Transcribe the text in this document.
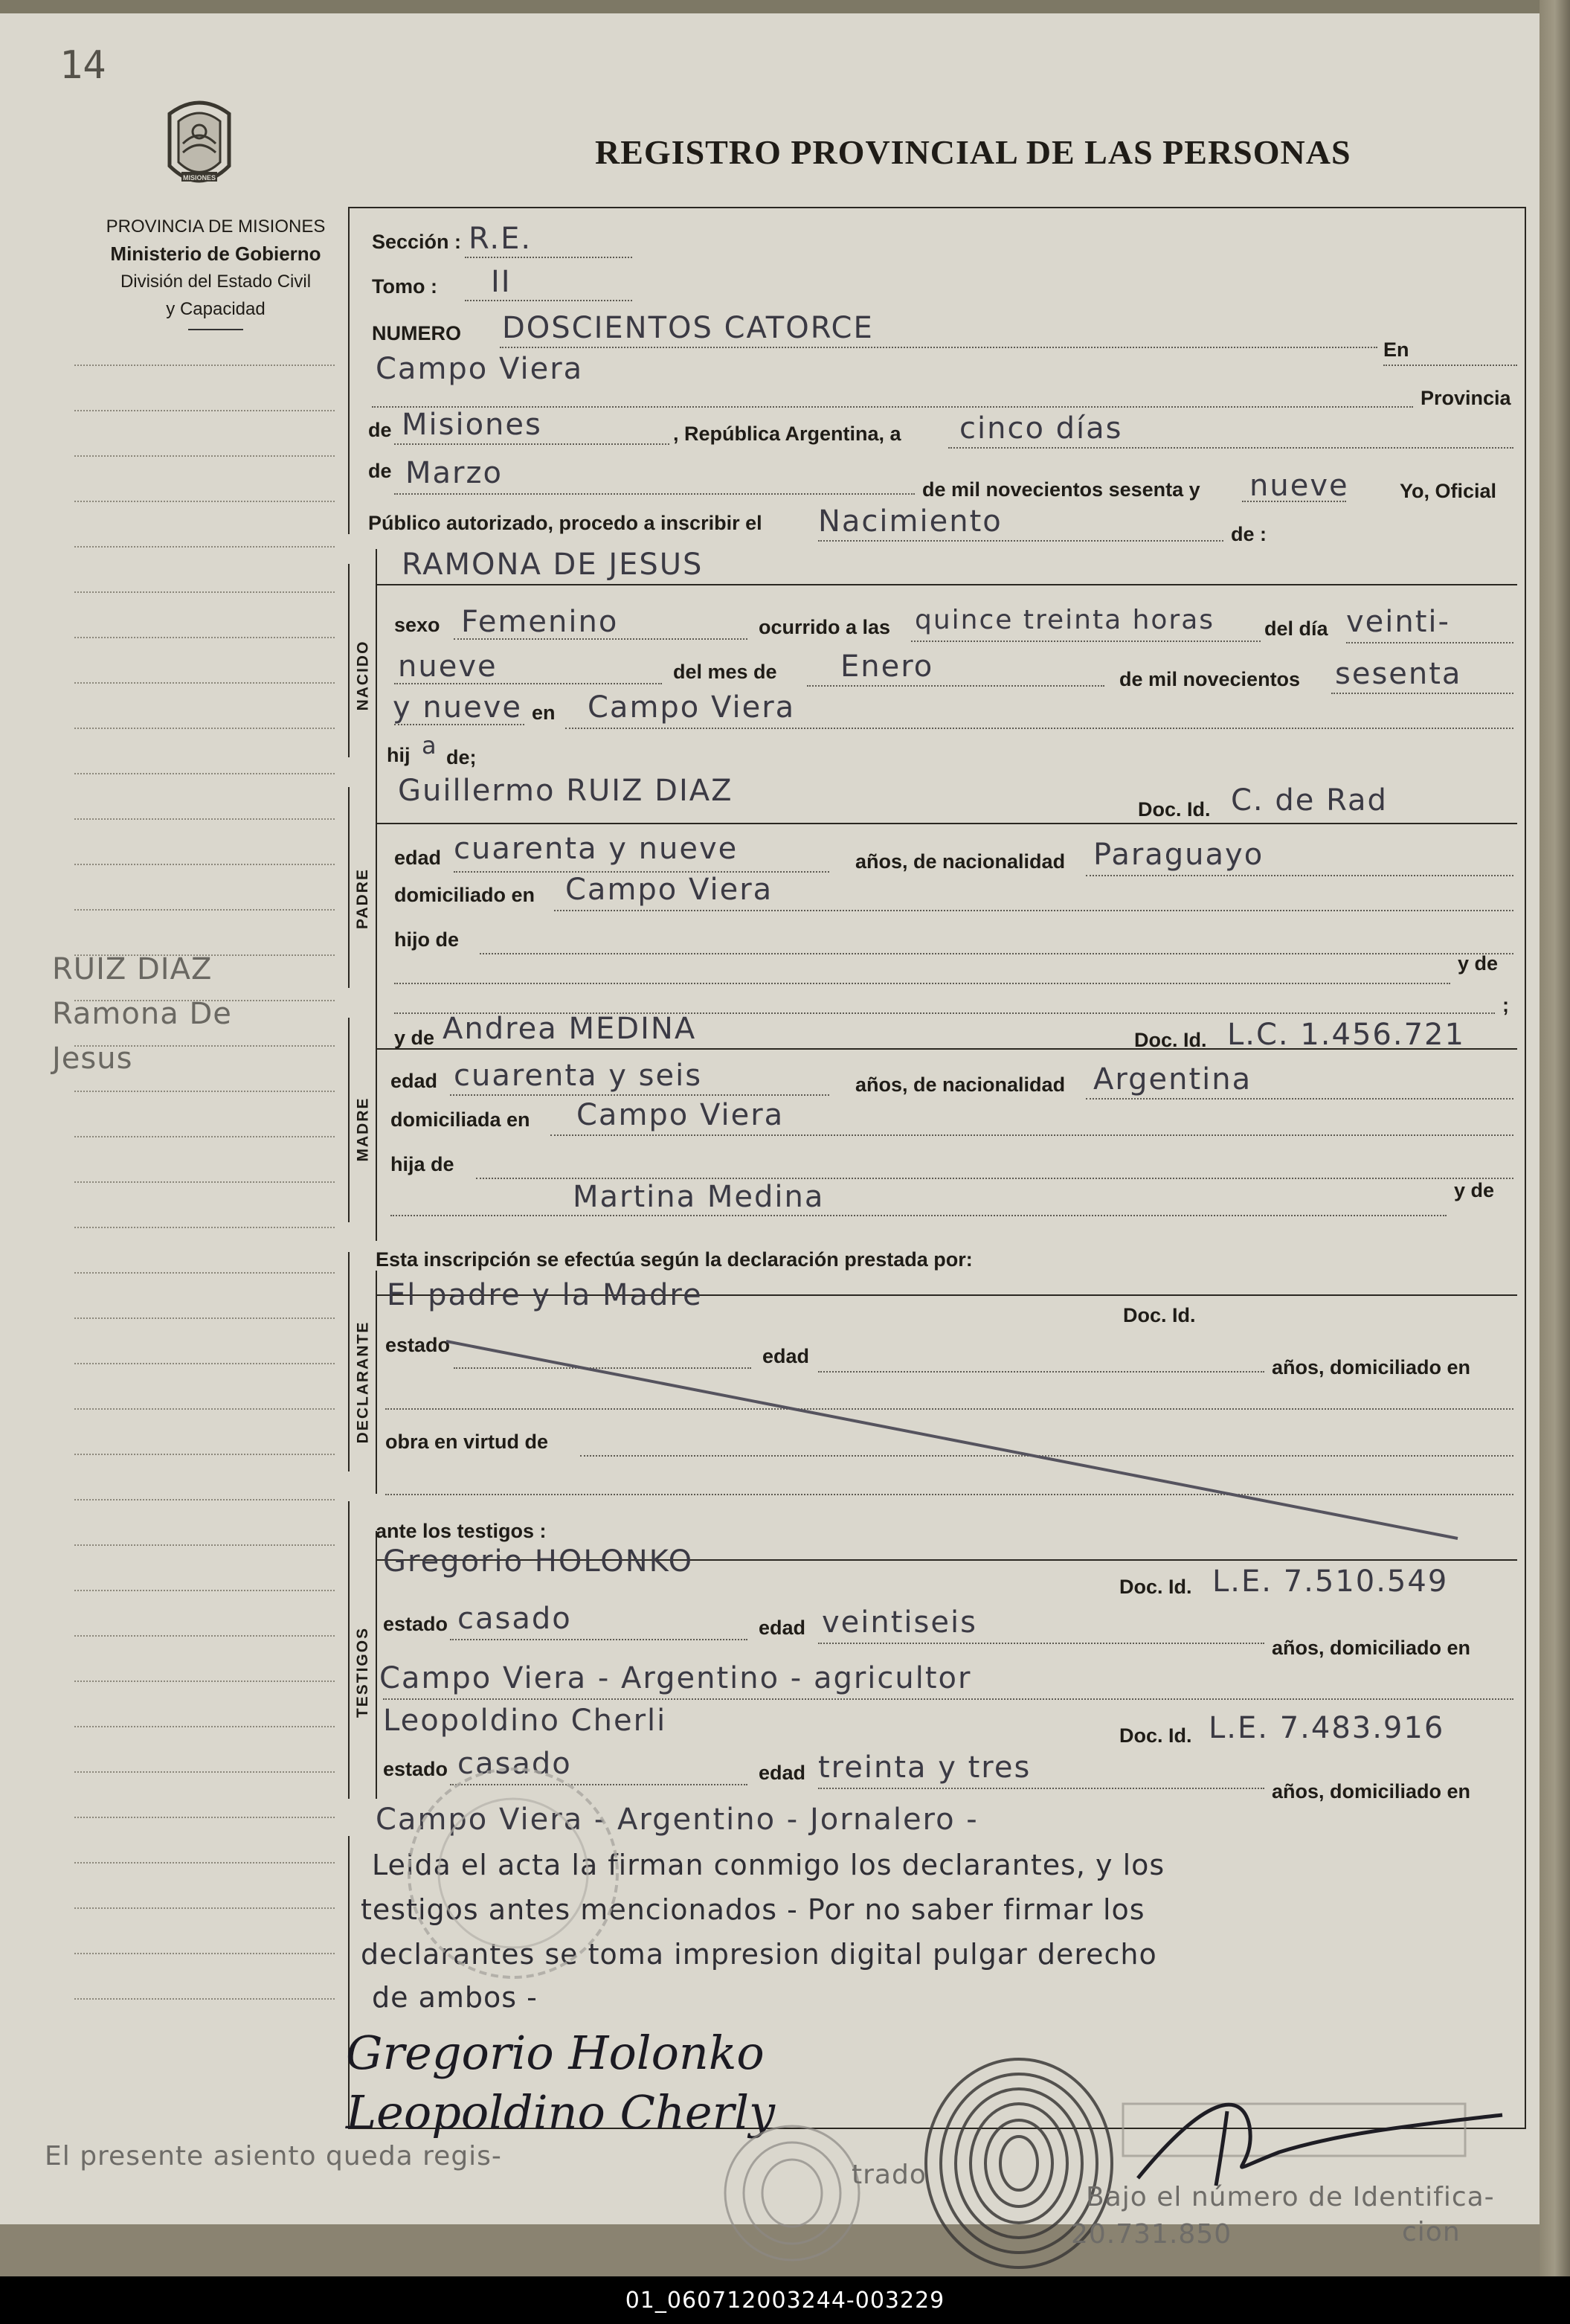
14
MISIONES
REGISTRO PROVINCIAL DE LAS PERSONAS
PROVINCIA DE MISIONES
Ministerio de Gobierno
División del Estado Civil
y Capacidad
RUIZ DIAZ
Ramona De
Jesus
NACIDO
PADRE
MADRE
DECLARANTE
TESTIGOS
Sección : R.E.
Tomo : II
NUMERO DOSCIENTOS CATORCE
En
Campo Viera
Provincia
de Misiones	, República Argentina, a cinco días
de Marzo	de mil novecientos sesenta y nueve	Yo, Oficial
Público autorizado, procedo a inscribir el Nacimiento	de :
RAMONA DE JESUS
sexo Femenino	ocurrido a las quince treinta horas del día veinti-
nueve	del mes de Enero	de mil novecientos sesenta
y nueve en Campo Viera
hij a de;
Guillermo RUIZ DIAZ
Doc. Id. C. de Rad
edad cuarenta y nueve	años, de nacionalidad Paraguayo
domiciliado en Campo Viera
hijo de
y de
;
y de Andrea MEDINA	Doc. Id. L.C. 1.456.721
edad cuarenta y seis	años, de nacionalidad Argentina
domiciliada en Campo Viera
hija de
Martina Medina	y de
Esta inscripción se efectúa según la declaración prestada por:
El padre y la Madre
Doc. Id.
estado	edad	años, domiciliado en
obra en virtud de
ante los testigos :
Gregorio HOLONKO
Doc. Id. L.E. 7.510.549
estado casado	edad veintiseis
años, domiciliado en
Campo Viera - Argentino - agricultor
Leopoldino Cherli	Doc. Id. L.E. 7.483.916
estado casado	edad treinta y tres
años, domiciliado en
Campo Viera - Argentino - Jornalero -
Leida el acta la firman conmigo los declarantes, y los
testigos antes mencionados - Por no saber firmar los
declarantes se toma impresion digital pulgar derecho
de ambos -
Gregorio Holonko
Leopoldino Cherly
El presente asiento queda regis-
trado
Bajo el número de Identifica-
20.731.850	cion
01_060712003244-003229
